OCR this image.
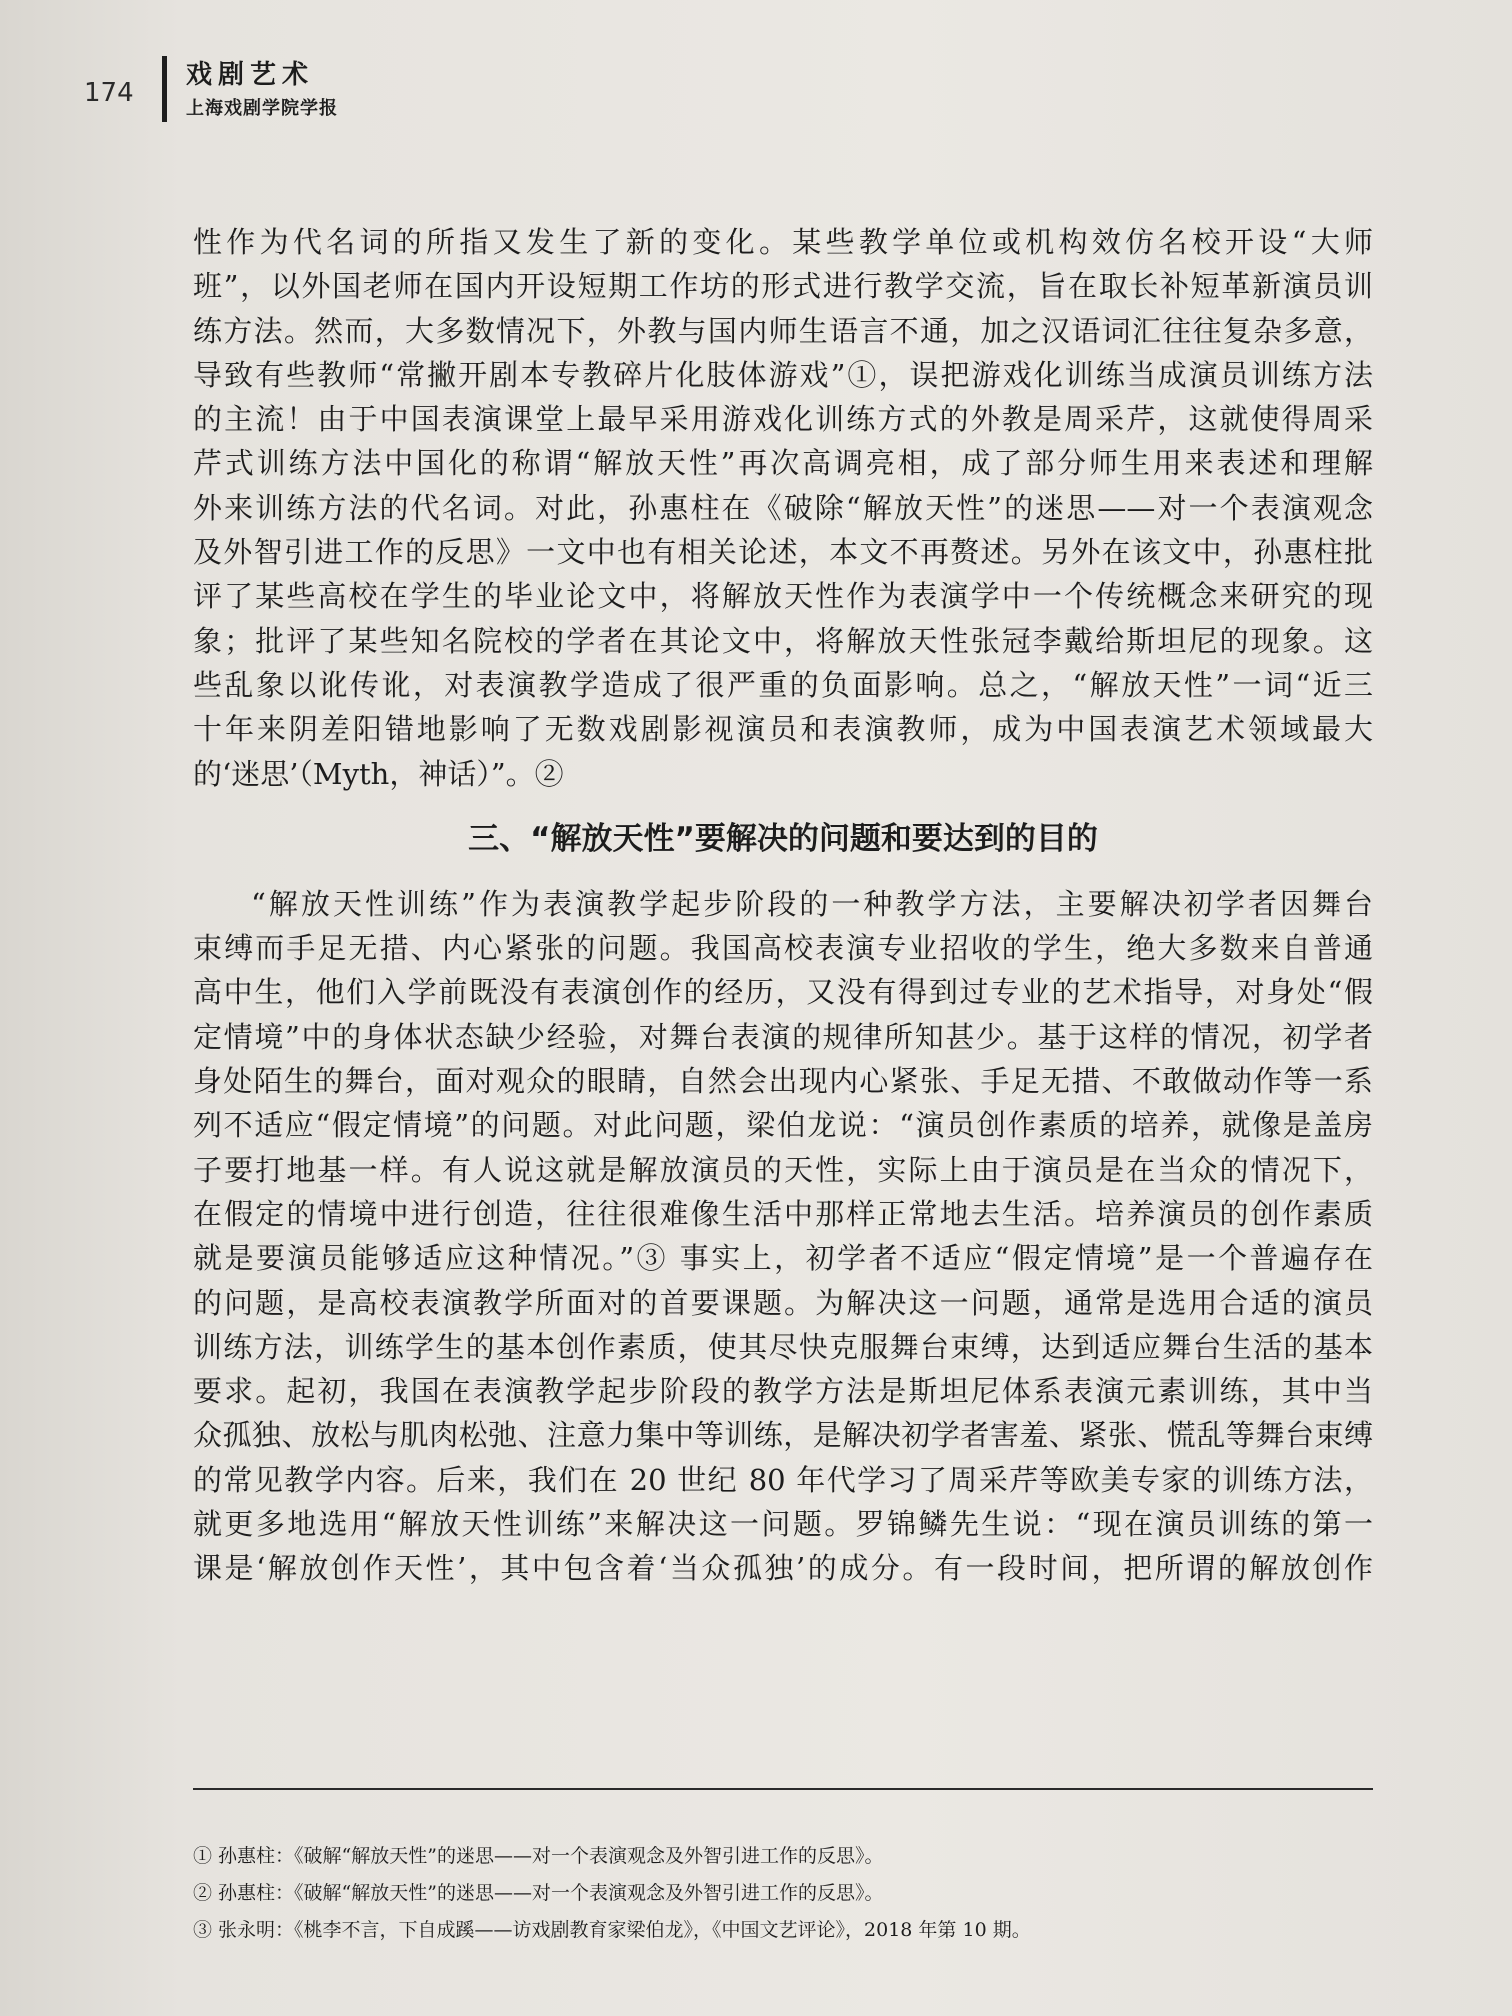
174
戏剧艺术
上海戏剧学院学报
性作为代名词的所指又发生了新的变化。某些教学单位或机构效仿名校开设“大师
班”，以外国老师在国内开设短期工作坊的形式进行教学交流，旨在取长补短革新演员训
练方法。然而，大多数情况下，外教与国内师生语言不通，加之汉语词汇往往复杂多意，
导致有些教师“常撇开剧本专教碎片化肢体游戏”①，误把游戏化训练当成演员训练方法
的主流！由于中国表演课堂上最早采用游戏化训练方式的外教是周采芹，这就使得周采
芹式训练方法中国化的称谓“解放天性”再次高调亮相，成了部分师生用来表述和理解
外来训练方法的代名词。对此，孙惠柱在《破除“解放天性”的迷思——对一个表演观念
及外智引进工作的反思》一文中也有相关论述，本文不再赘述。另外在该文中，孙惠柱批
评了某些高校在学生的毕业论文中，将解放天性作为表演学中一个传统概念来研究的现
象；批评了某些知名院校的学者在其论文中，将解放天性张冠李戴给斯坦尼的现象。这
些乱象以讹传讹，对表演教学造成了很严重的负面影响。总之，“解放天性”一词“近三
十年来阴差阳错地影响了无数戏剧影视演员和表演教师，成为中国表演艺术领域最大
的‘迷思’（Myth，神话）”。②
三、“解放天性”要解决的问题和要达到的目的
“解放天性训练”作为表演教学起步阶段的一种教学方法，主要解决初学者因舞台
束缚而手足无措、内心紧张的问题。我国高校表演专业招收的学生，绝大多数来自普通
高中生，他们入学前既没有表演创作的经历，又没有得到过专业的艺术指导，对身处“假
定情境”中的身体状态缺少经验，对舞台表演的规律所知甚少。基于这样的情况，初学者
身处陌生的舞台，面对观众的眼睛，自然会出现内心紧张、手足无措、不敢做动作等一系
列不适应“假定情境”的问题。对此问题，梁伯龙说：“演员创作素质的培养，就像是盖房
子要打地基一样。有人说这就是解放演员的天性，实际上由于演员是在当众的情况下，
在假定的情境中进行创造，往往很难像生活中那样正常地去生活。培养演员的创作素质
就是要演员能够适应这种情况。”③ 事实上，初学者不适应“假定情境”是一个普遍存在
的问题，是高校表演教学所面对的首要课题。为解决这一问题，通常是选用合适的演员
训练方法，训练学生的基本创作素质，使其尽快克服舞台束缚，达到适应舞台生活的基本
要求。起初，我国在表演教学起步阶段的教学方法是斯坦尼体系表演元素训练，其中当
众孤独、放松与肌肉松弛、注意力集中等训练，是解决初学者害羞、紧张、慌乱等舞台束缚
的常见教学内容。后来，我们在 20 世纪 80 年代学习了周采芹等欧美专家的训练方法，
就更多地选用“解放天性训练”来解决这一问题。罗锦鳞先生说：“现在演员训练的第一
课是‘解放创作天性’，其中包含着‘当众孤独’的成分。有一段时间，把所谓的解放创作
① 孙惠柱：《破解“解放天性”的迷思——对一个表演观念及外智引进工作的反思》。
② 孙惠柱：《破解“解放天性”的迷思——对一个表演观念及外智引进工作的反思》。
③ 张永明：《桃李不言，下自成蹊——访戏剧教育家梁伯龙》，《中国文艺评论》，2018 年第 10 期。
